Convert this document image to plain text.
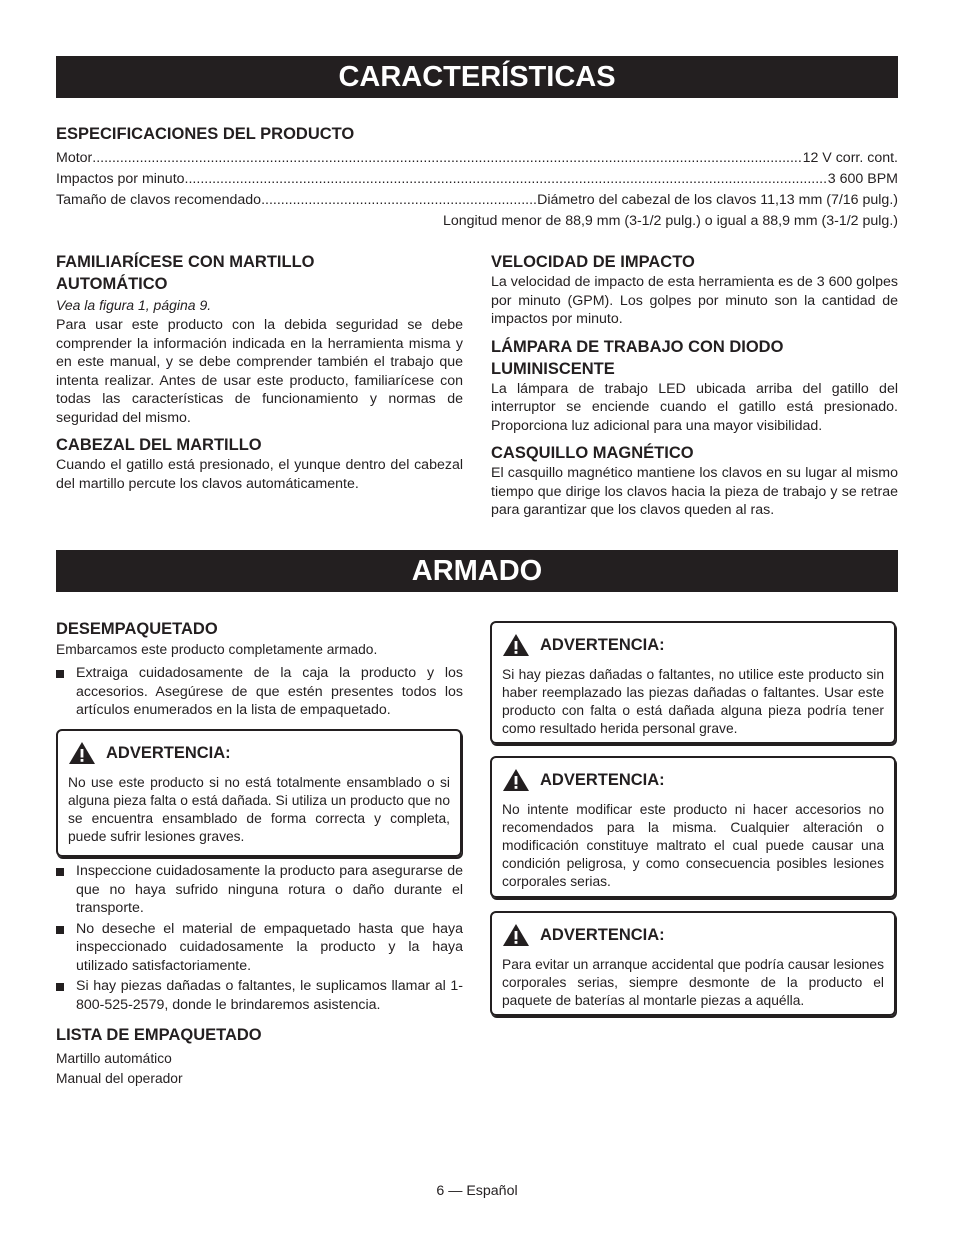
CARACTERÍSTICAS
ESPECIFICACIONES DEL PRODUCTO
Motor .....	12 V corr. cont.
Impactos por minuto .....	3 600 BPM
Tamaño de clavos recomendado .....	Diámetro del cabezal de los clavos 11,13 mm (7/16 pulg.)
Longitud menor de 88,9 mm (3-1/2 pulg.) o igual a 88,9 mm (3-1/2 pulg.)
FAMILIARÍCESE CON MARTILLO AUTOMÁTICO
Vea la figura 1, página 9.

Para usar este producto con la debida seguridad se debe comprender la información indicada en la herramienta misma y en este manual, y se debe comprender también el trabajo que intenta realizar. Antes de usar este producto, familiarícese con todas las características de funcionamiento y normas de seguridad del mismo.

CABEZAL DEL MARTILLO

Cuando el gatillo está presionado, el yunque dentro del cabezal del martillo percute los clavos automáticamente.

VELOCIDAD DE IMPACTO

La velocidad de impacto de esta herramienta es de 3 600 golpes por minuto (GPM). Los golpes por minuto son la cantidad de impactos por minuto.

LÁMPARA DE TRABAJO CON DIODO LUMINISCENTE

La lámpara de trabajo LED ubicada arriba del gatillo del interruptor se enciende cuando el gatillo está presionado. Proporciona luz adicional para una mayor visibilidad.

CASQUILLO MAGNÉTICO

El casquillo magnético mantiene los clavos en su lugar al mismo tiempo que dirige los clavos hacia la pieza de trabajo y se retrae para garantizar que los clavos queden al ras.

ARMADO
DESEMPAQUETADO
Embarcamos este producto completamente armado.
Extraiga cuidadosamente de la caja la producto y los accesorios. Asegúrese de que estén presentes todos los artículos enumerados en la lista de empaquetado.
ADVERTENCIA:

No use este producto si no está totalmente ensamblado o si alguna pieza falta o está dañada. Si utiliza un producto que no se encuentra ensamblado de forma correcta y completa, puede sufrir lesiones graves.

Inspeccione cuidadosamente la producto para asegurarse de que no haya sufrido ninguna rotura o daño durante el transporte.
No deseche el material de empaquetado hasta que haya inspeccionado cuidadosamente la producto y la haya utilizado satisfactoriamente.
Si hay piezas dañadas o faltantes, le suplicamos llamar al 1-800-525-2579, donde le brindaremos asistencia.
LISTA DE EMPAQUETADO
Martillo automático
Manual del operador
ADVERTENCIA:

Si hay piezas dañadas o faltantes, no utilice este producto sin haber reemplazado las piezas dañadas o faltantes. Usar este producto con falta o está dañada alguna pieza podría tener como resultado herida personal grave.

ADVERTENCIA:

No intente modificar este producto ni hacer accesorios no recomendados para la misma. Cualquier alteración o modificación constituye maltrato el cual puede causar una condición peligrosa, y como consecuencia posibles lesiones corporales serias.

ADVERTENCIA:

Para evitar un arranque accidental que podría causar lesiones corporales serias, siempre desmonte de la producto el paquete de baterías al montarle piezas a aquélla.

6 — Español
